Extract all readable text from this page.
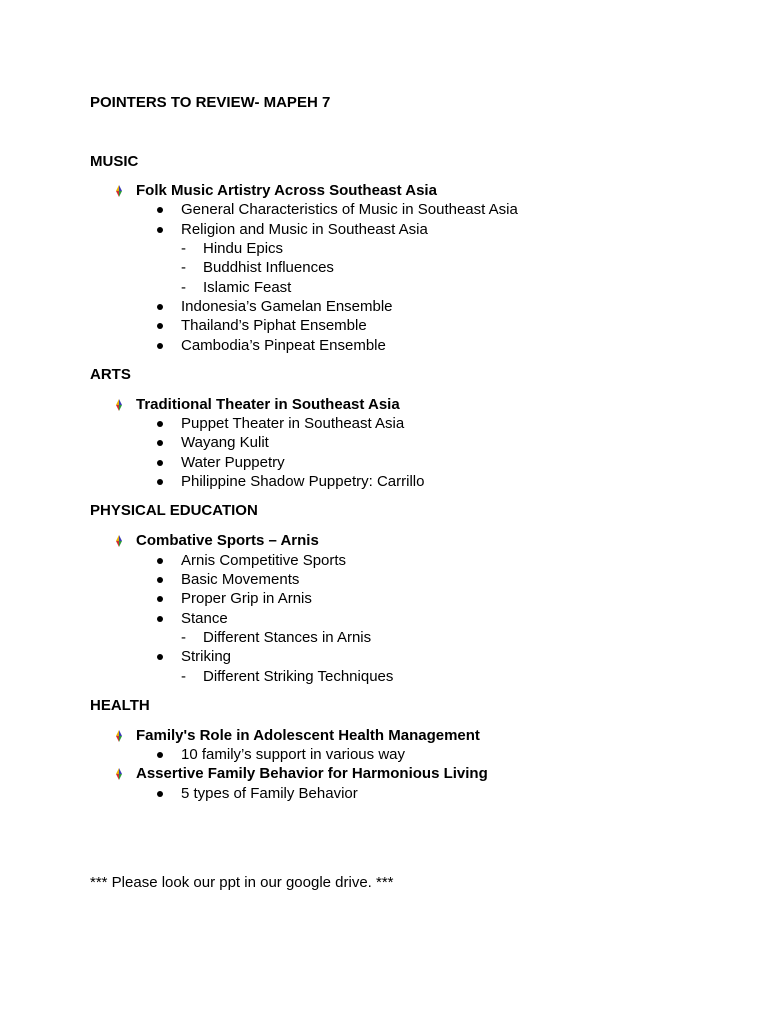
POINTERS TO REVIEW- MAPEH 7
MUSIC
Folk Music Artistry Across Southeast Asia
General Characteristics of Music in Southeast Asia
Religion and Music in Southeast Asia
- Hindu Epics
- Buddhist Influences
- Islamic Feast
Indonesia’s Gamelan Ensemble
Thailand’s Piphat Ensemble
Cambodia’s Pinpeat Ensemble
ARTS
Traditional Theater in Southeast Asia
Puppet Theater in Southeast Asia
Wayang Kulit
Water Puppetry
Philippine Shadow Puppetry: Carrillo
PHYSICAL EDUCATION
Combative Sports – Arnis
Arnis Competitive Sports
Basic Movements
Proper Grip in Arnis
Stance
- Different Stances in Arnis
Striking
- Different Striking Techniques
HEALTH
Family's Role in Adolescent Health Management
10 family’s support in various way
Assertive Family Behavior for Harmonious Living
5 types of Family Behavior
*** Please look our ppt in our google drive. ***
